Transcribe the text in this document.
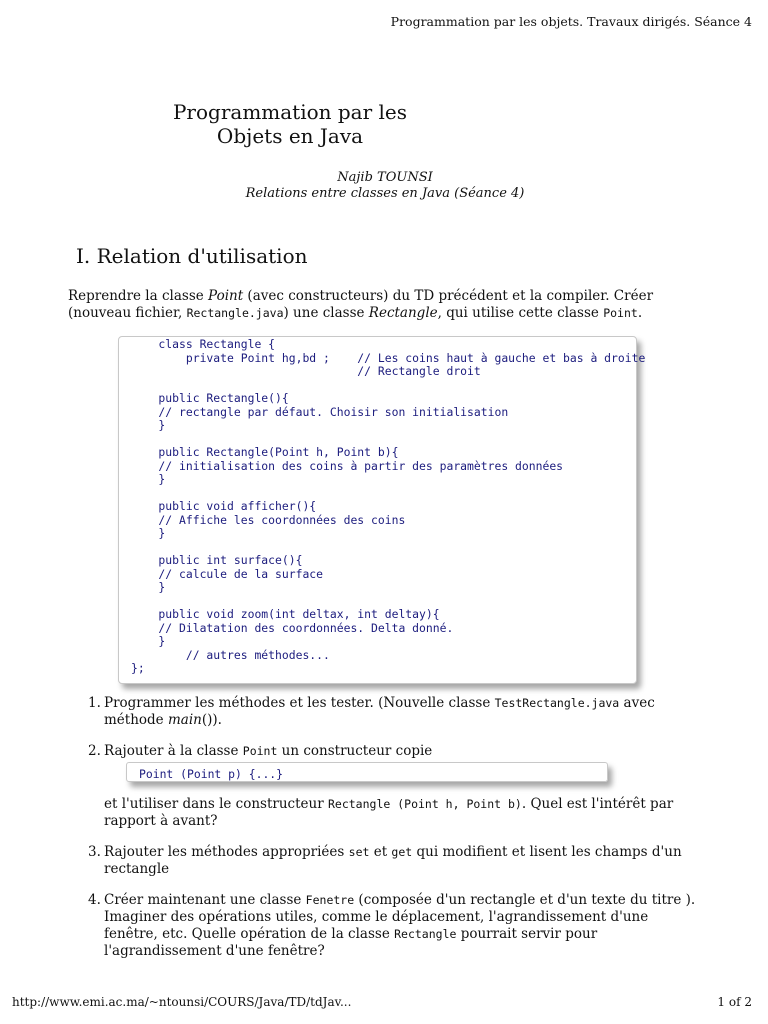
Programmation par les objets. Travaux dirigés. Séance 4
Programmation par les
Objets en Java
Najib TOUNSI
Relations entre classes en Java (Séance 4)
I. Relation d'utilisation
Reprendre la classe Point (avec constructeurs) du TD précédent et la compiler. Créer (nouveau fichier, Rectangle.java) une classe Rectangle, qui utilise cette classe Point.
class Rectangle {
private Point hg,bd ;    // Les coins haut à gauche et bas à droite
// Rectangle droit

public Rectangle(){
// rectangle par défaut. Choisir son initialisation
}

public Rectangle(Point h, Point b){
// initialisation des coins à partir des paramètres données
}

public void afficher(){
// Affiche les coordonnées des coins
}

public int surface(){
// calcule de la surface
}

public void zoom(int deltax, int deltay){
// Dilatation des coordonnées. Delta donné.
}
// autres méthodes...
};
1. Programmer les méthodes et les tester. (Nouvelle classe TestRectangle.java avec méthode main()).
2. Rajouter à la classe Point un constructeur copie
Point (Point p) {...}
et l'utiliser dans le constructeur Rectangle (Point h, Point b). Quel est l'intérêt par rapport à avant?
3. Rajouter les méthodes appropriées set et get qui modifient et lisent les champs d'un rectangle
4. Créer maintenant une classe Fenetre (composée d'un rectangle et d'un texte du titre ). Imaginer des opérations utiles, comme le déplacement, l'agrandissement d'une fenêtre, etc. Quelle opération de la classe Rectangle pourrait servir pour l'agrandissement d'une fenêtre?
http://www.emi.ac.ma/~ntounsi/COURS/Java/TD/tdJav...	1 of 2
